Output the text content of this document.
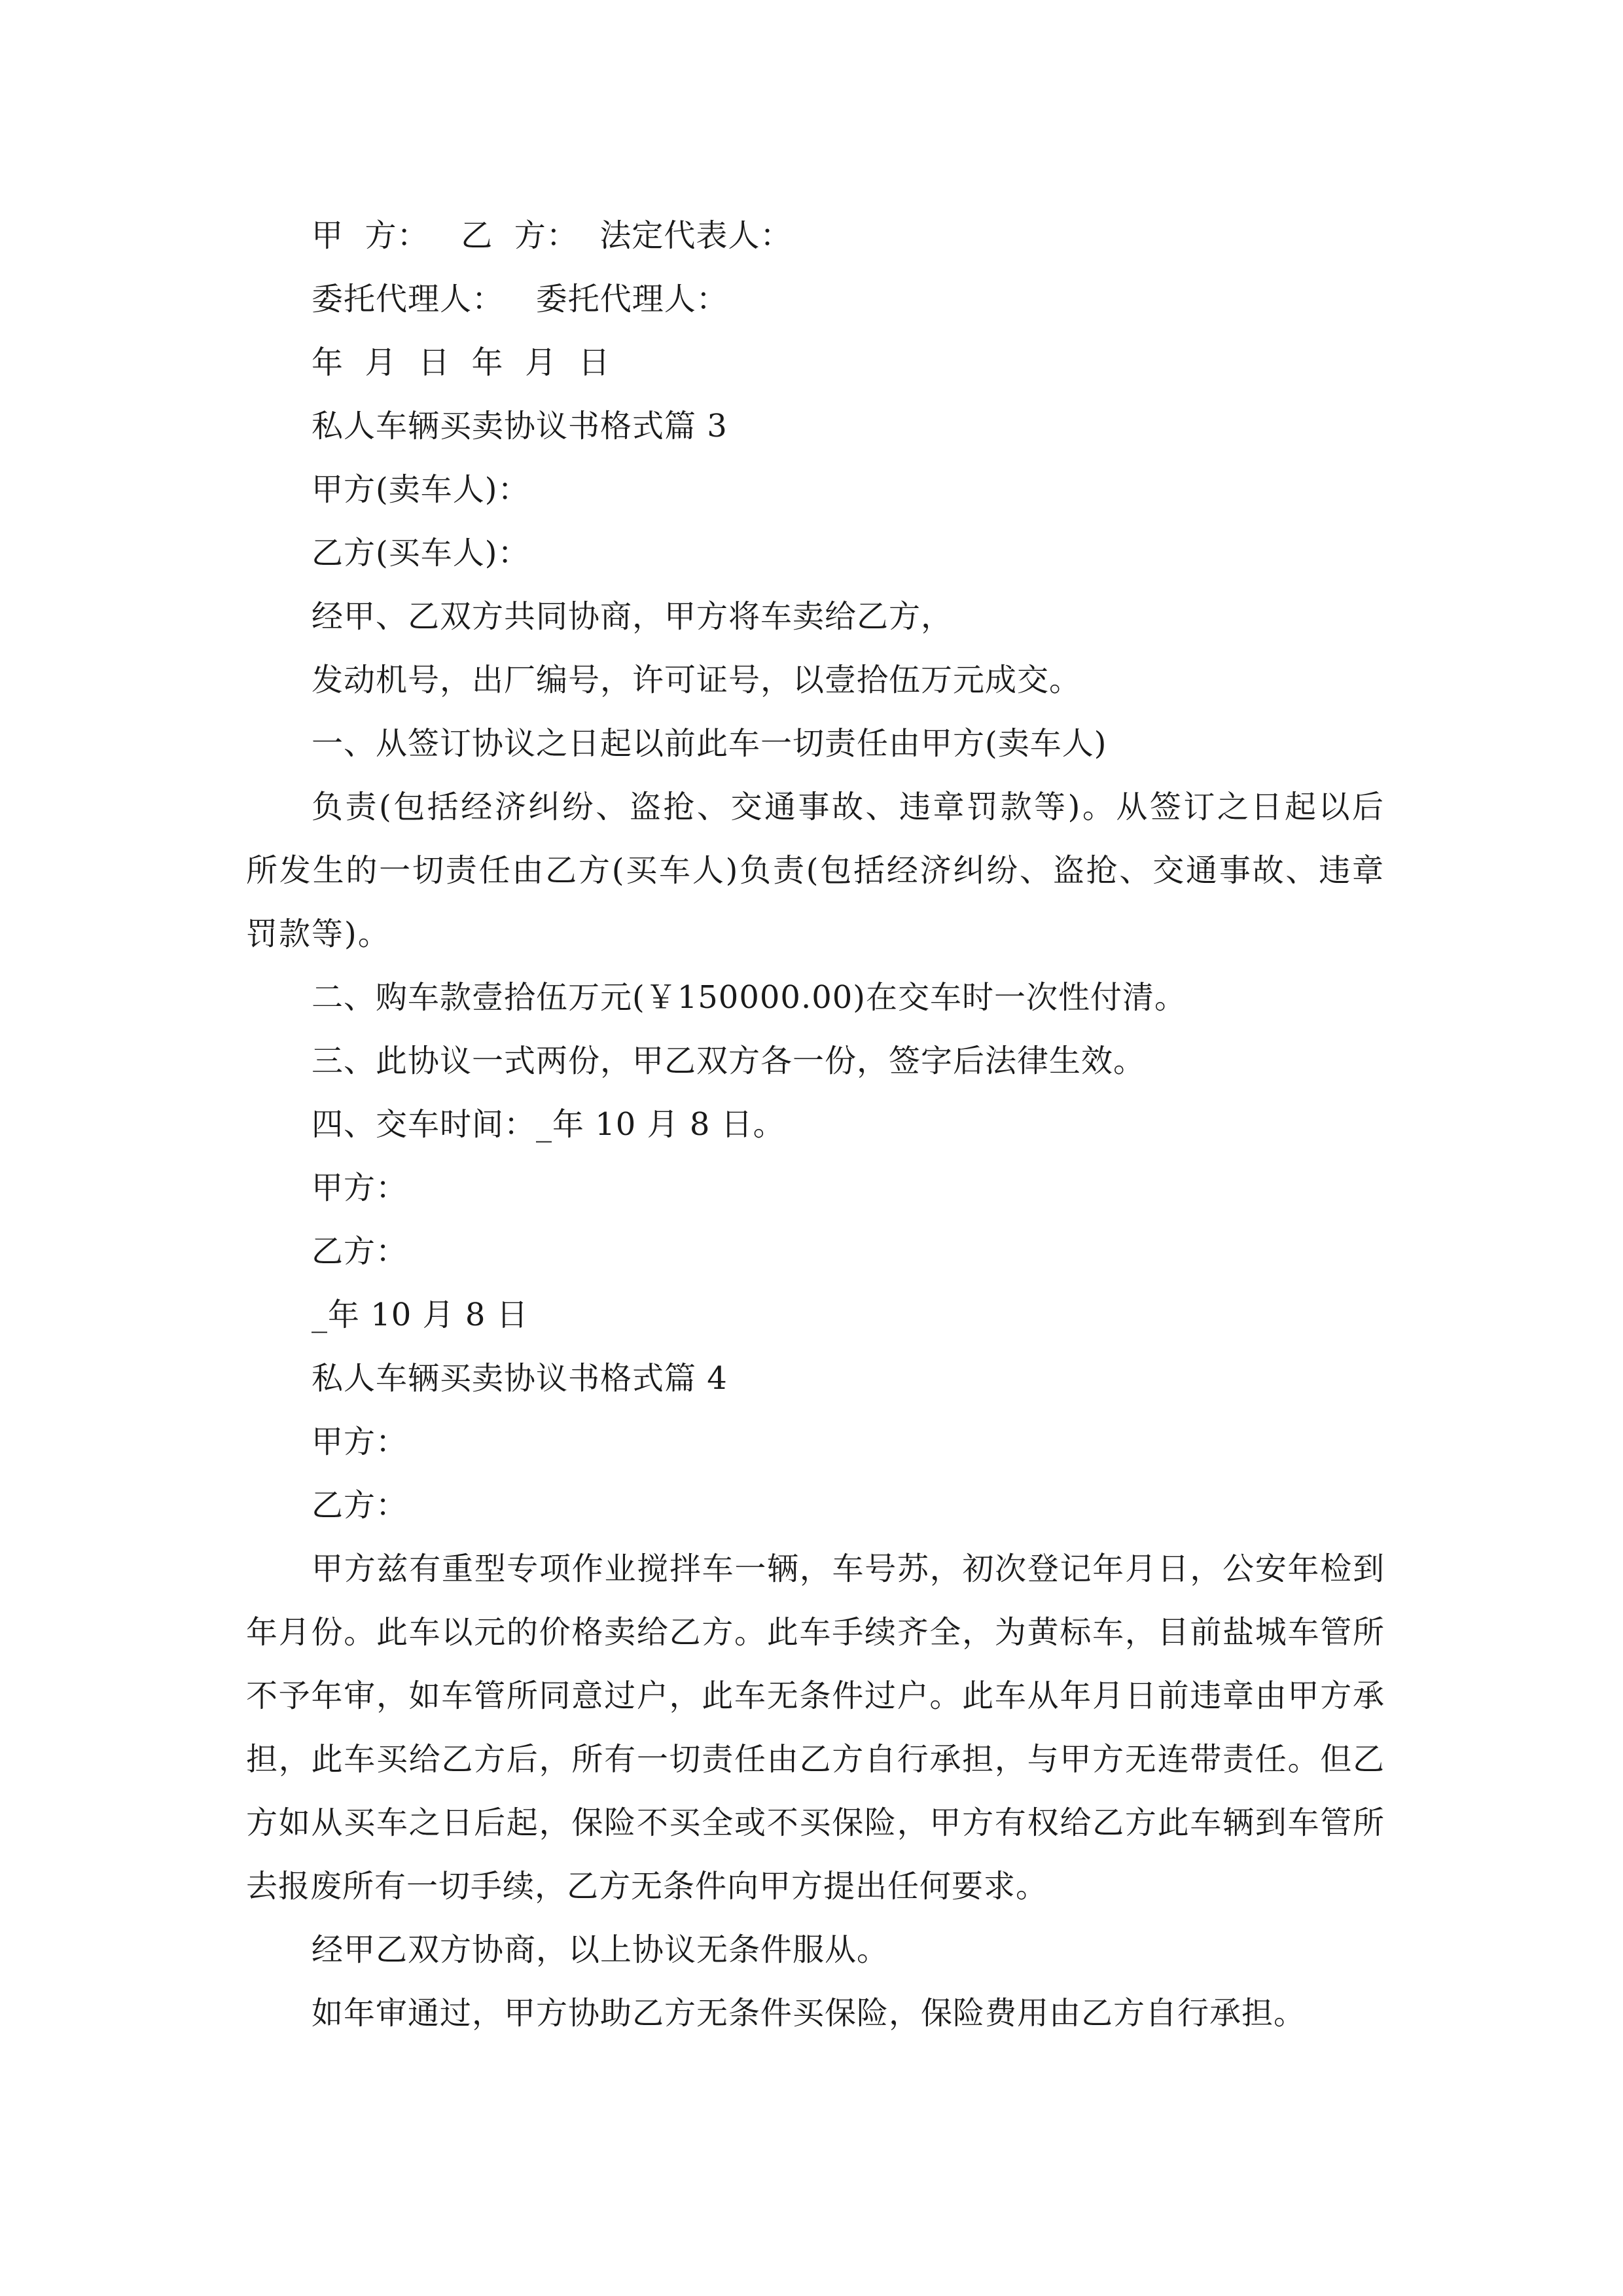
甲  方：   乙  方：  法定代表人：
委托代理人：   委托代理人：
年  月  日  年  月  日
私人车辆买卖协议书格式篇 3
甲方(卖车人)：
乙方(买车人)：
经甲、乙双方共同协商，甲方将车卖给乙方，
发动机号，出厂编号，许可证号，以壹拾伍万元成交。
一、从签订协议之日起以前此车一切责任由甲方(卖车人)

负责(包括经济纠纷、盗抢、交通事故、违章罚款等)。从签订之日起以后所发生的一切责任由乙方(买车人)负责(包括经济纠纷、盗抢、交通事故、违章罚款等)。

二、购车款壹拾伍万元(￥150000.00)在交车时一次性付清。
三、此协议一式两份，甲乙双方各一份，签字后法律生效。
四、交车时间：_年 10 月 8 日。
甲方：
乙方：
_年 10 月 8 日
私人车辆买卖协议书格式篇 4
甲方：
乙方：

甲方兹有重型专项作业搅拌车一辆，车号苏，初次登记年月日，公安年检到年月份。此车以元的价格卖给乙方。此车手续齐全，为黄标车，目前盐城车管所不予年审，如车管所同意过户，此车无条件过户。此车从年月日前违章由甲方承担，此车买给乙方后，所有一切责任由乙方自行承担，与甲方无连带责任。但乙方如从买车之日后起，保险不买全或不买保险，甲方有权给乙方此车辆到车管所去报废所有一切手续，乙方无条件向甲方提出任何要求。

经甲乙双方协商，以上协议无条件服从。
如年审通过，甲方协助乙方无条件买保险，保险费用由乙方自行承担。
